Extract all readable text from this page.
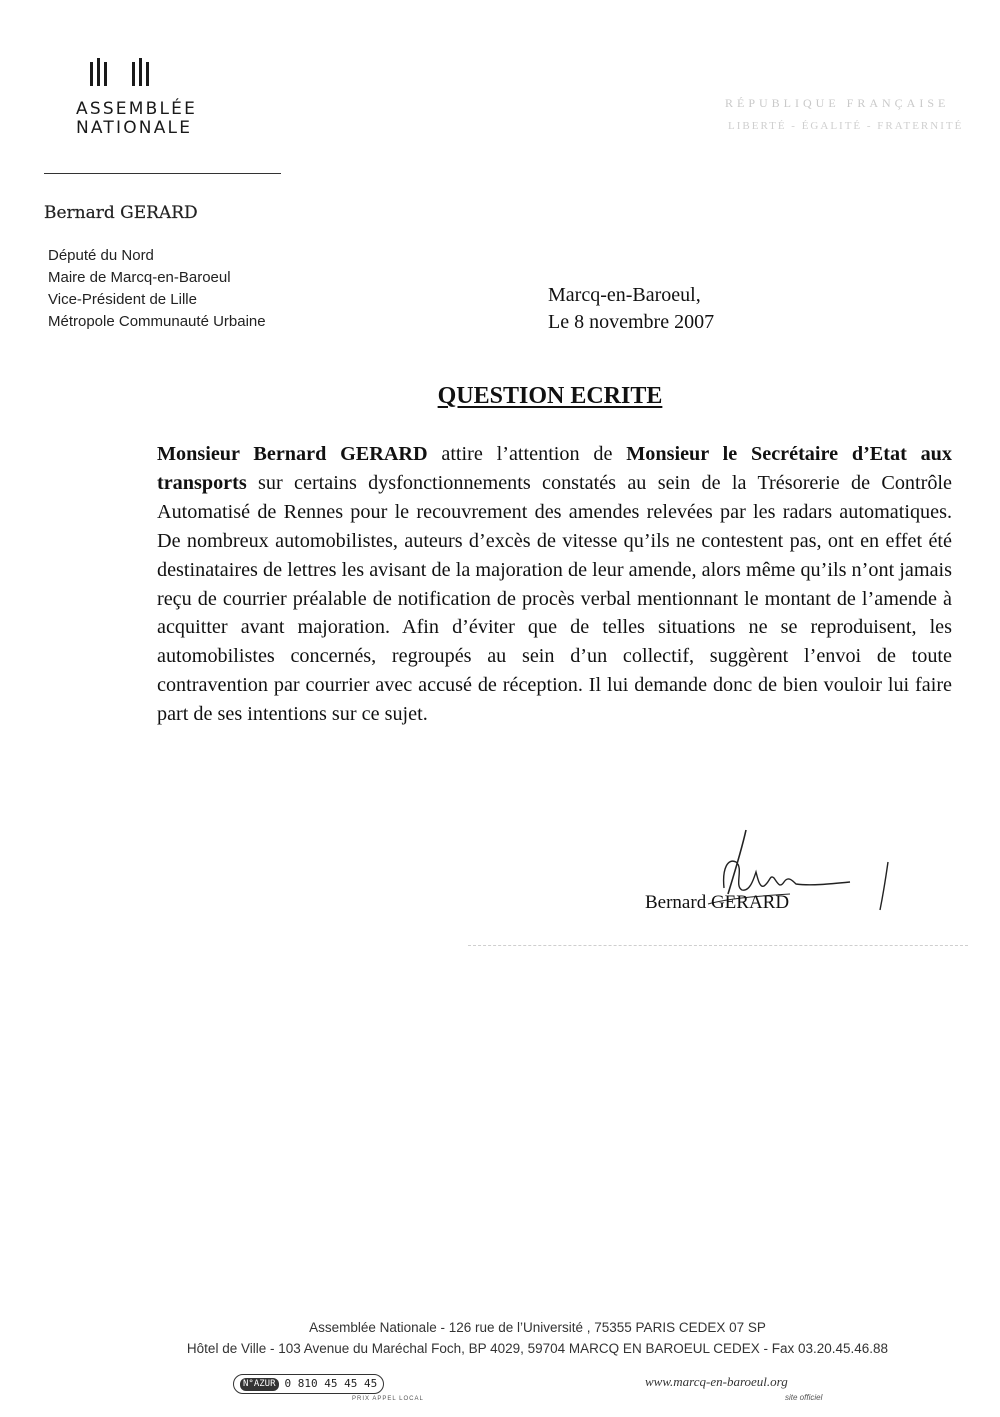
ASSEMBLÉE
NATIONALE
RÉPUBLIQUE FRANÇAISE
LIBERTÉ - ÉGALITÉ - FRATERNITÉ
Bernard GERARD
Député du Nord
Maire de Marcq-en-Baroeul
Vice-Président de Lille
Métropole Communauté Urbaine
Marcq-en-Baroeul,
Le 8 novembre 2007
QUESTION ECRITE
Monsieur Bernard GERARD attire l’attention de Monsieur le Secrétaire d’Etat aux transports sur certains dysfonctionnements constatés au sein de la Trésorerie de Contrôle Automatisé de Rennes pour le recouvrement des amendes relevées par les radars automatiques. De nombreux automobilistes, auteurs d’excès de vitesse qu’ils ne contestent pas, ont en effet été destinataires de lettres les avisant de la majoration de leur amende, alors même qu’ils n’ont jamais reçu de courrier préalable de notification de procès verbal mentionnant le montant de l’amende à acquitter avant majoration. Afin d’éviter que de telles situations ne se reproduisent, les automobilistes concernés, regroupés au sein d’un collectif, suggèrent l’envoi de toute contravention par courrier avec accusé de réception. Il lui demande donc de bien vouloir lui faire part de ses intentions sur ce sujet.
Bernard GERARD
Assemblée Nationale - 126 rue de l’Université , 75355 PARIS CEDEX 07 SP
Hôtel de Ville - 103 Avenue du Maréchal Foch, BP 4029, 59704 MARCQ EN BAROEUL CEDEX - Fax 03.20.45.46.88
N°AZUR 0 810 45 45 45
PRIX APPEL LOCAL
www.marcq-en-baroeul.org
site officiel
